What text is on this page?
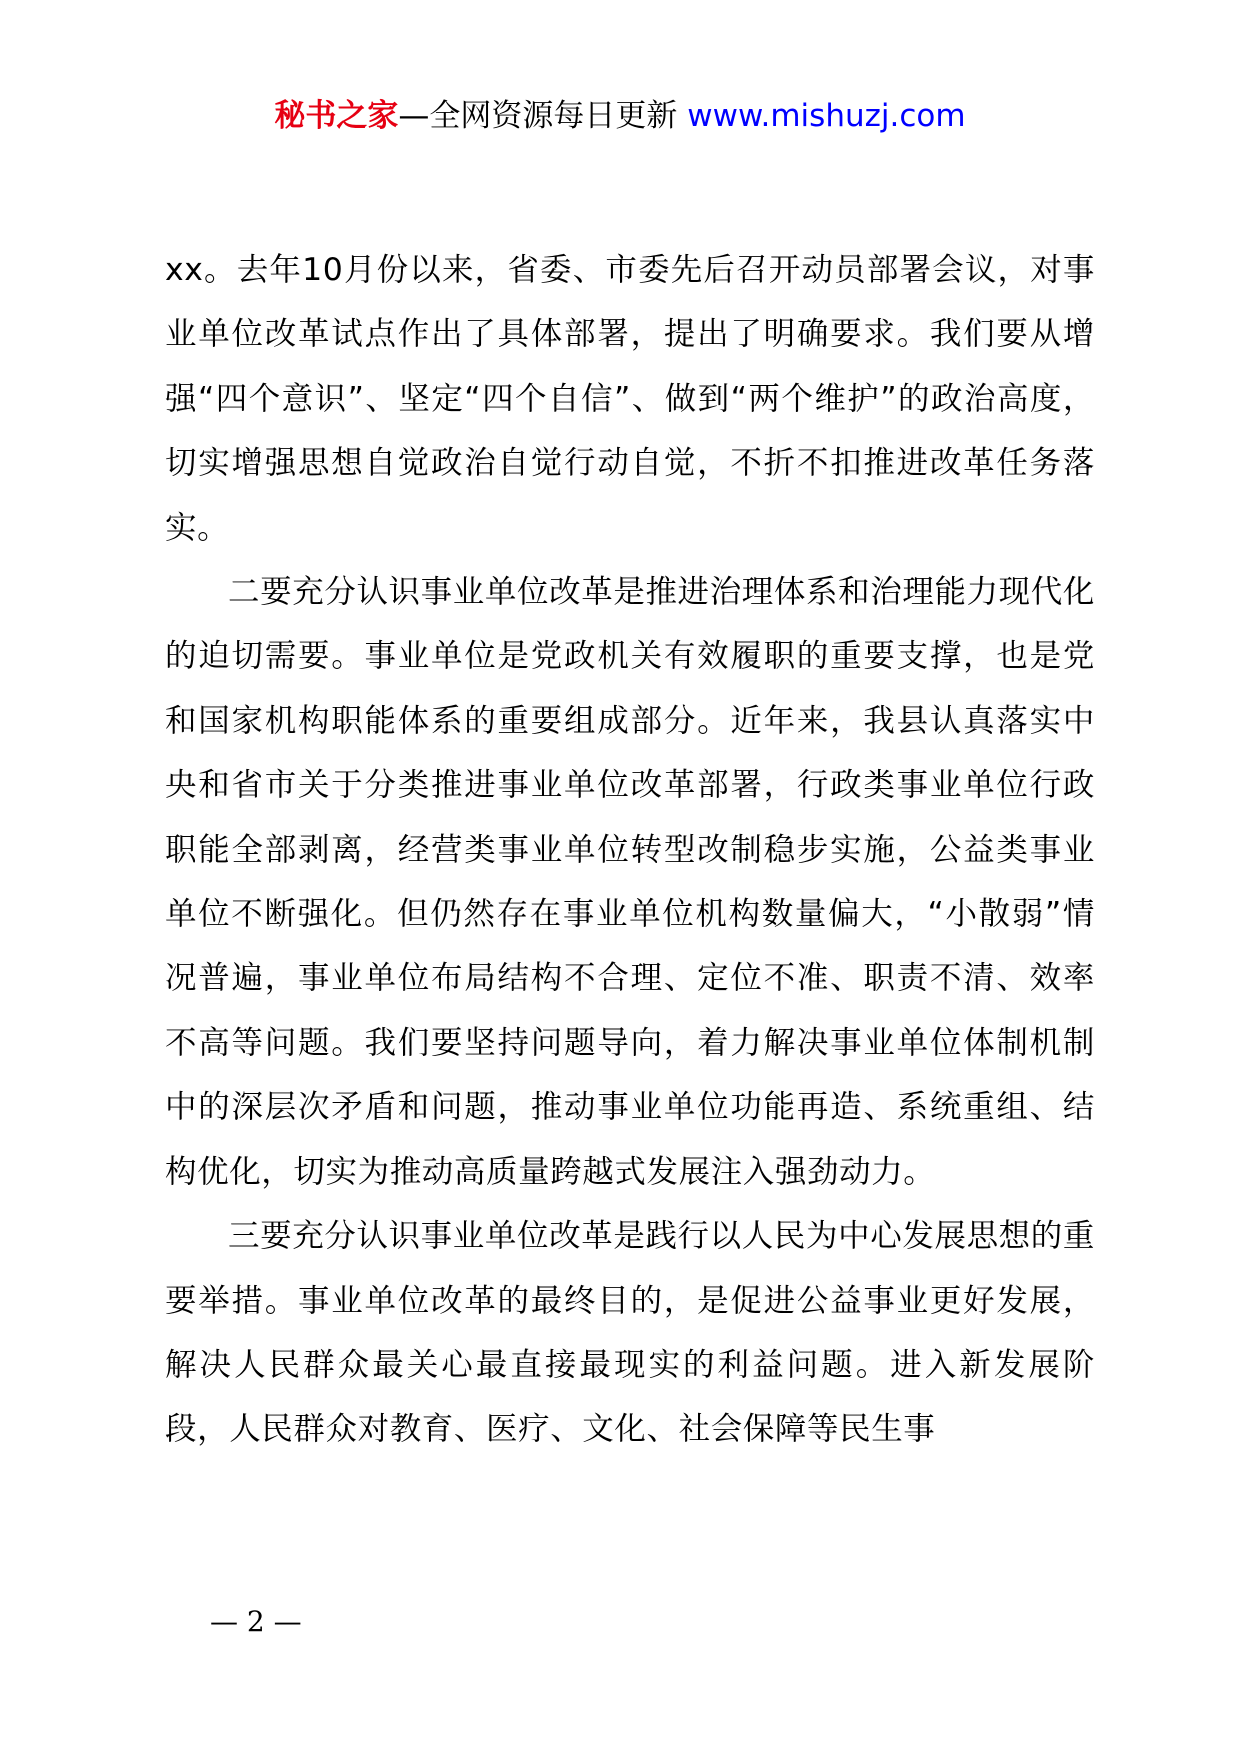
秘书之家—全网资源每日更新 www.mishuzj.com

xx。去年10月份以来，省委、市委先后召开动员部署会议，对事业单位改革试点作出了具体部署，提出了明确要求。我们要从增强“四个意识”、坚定“四个自信”、做到“两个维护”的政治高度，切实增强思想自觉政治自觉行动自觉，不折不扣推进改革任务落实。

二要充分认识事业单位改革是推进治理体系和治理能力现代化的迫切需要。事业单位是党政机关有效履职的重要支撑，也是党和国家机构职能体系的重要组成部分。近年来，我县认真落实中央和省市关于分类推进事业单位改革部署，行政类事业单位行政职能全部剥离，经营类事业单位转型改制稳步实施，公益类事业单位不断强化。但仍然存在事业单位机构数量偏大，“小散弱”情况普遍，事业单位布局结构不合理、定位不准、职责不清、效率不高等问题。我们要坚持问题导向，着力解决事业单位体制机制中的深层次矛盾和问题，推动事业单位功能再造、系统重组、结构优化，切实为推动高质量跨越式发展注入强劲动力。

三要充分认识事业单位改革是践行以人民为中心发展思想的重要举措。事业单位改革的最终目的，是促进公益事业更好发展，解决人民群众最关心最直接最现实的利益问题。进入新发展阶段，人民群众对教育、医疗、文化、社会保障等民生事

— 2 —
